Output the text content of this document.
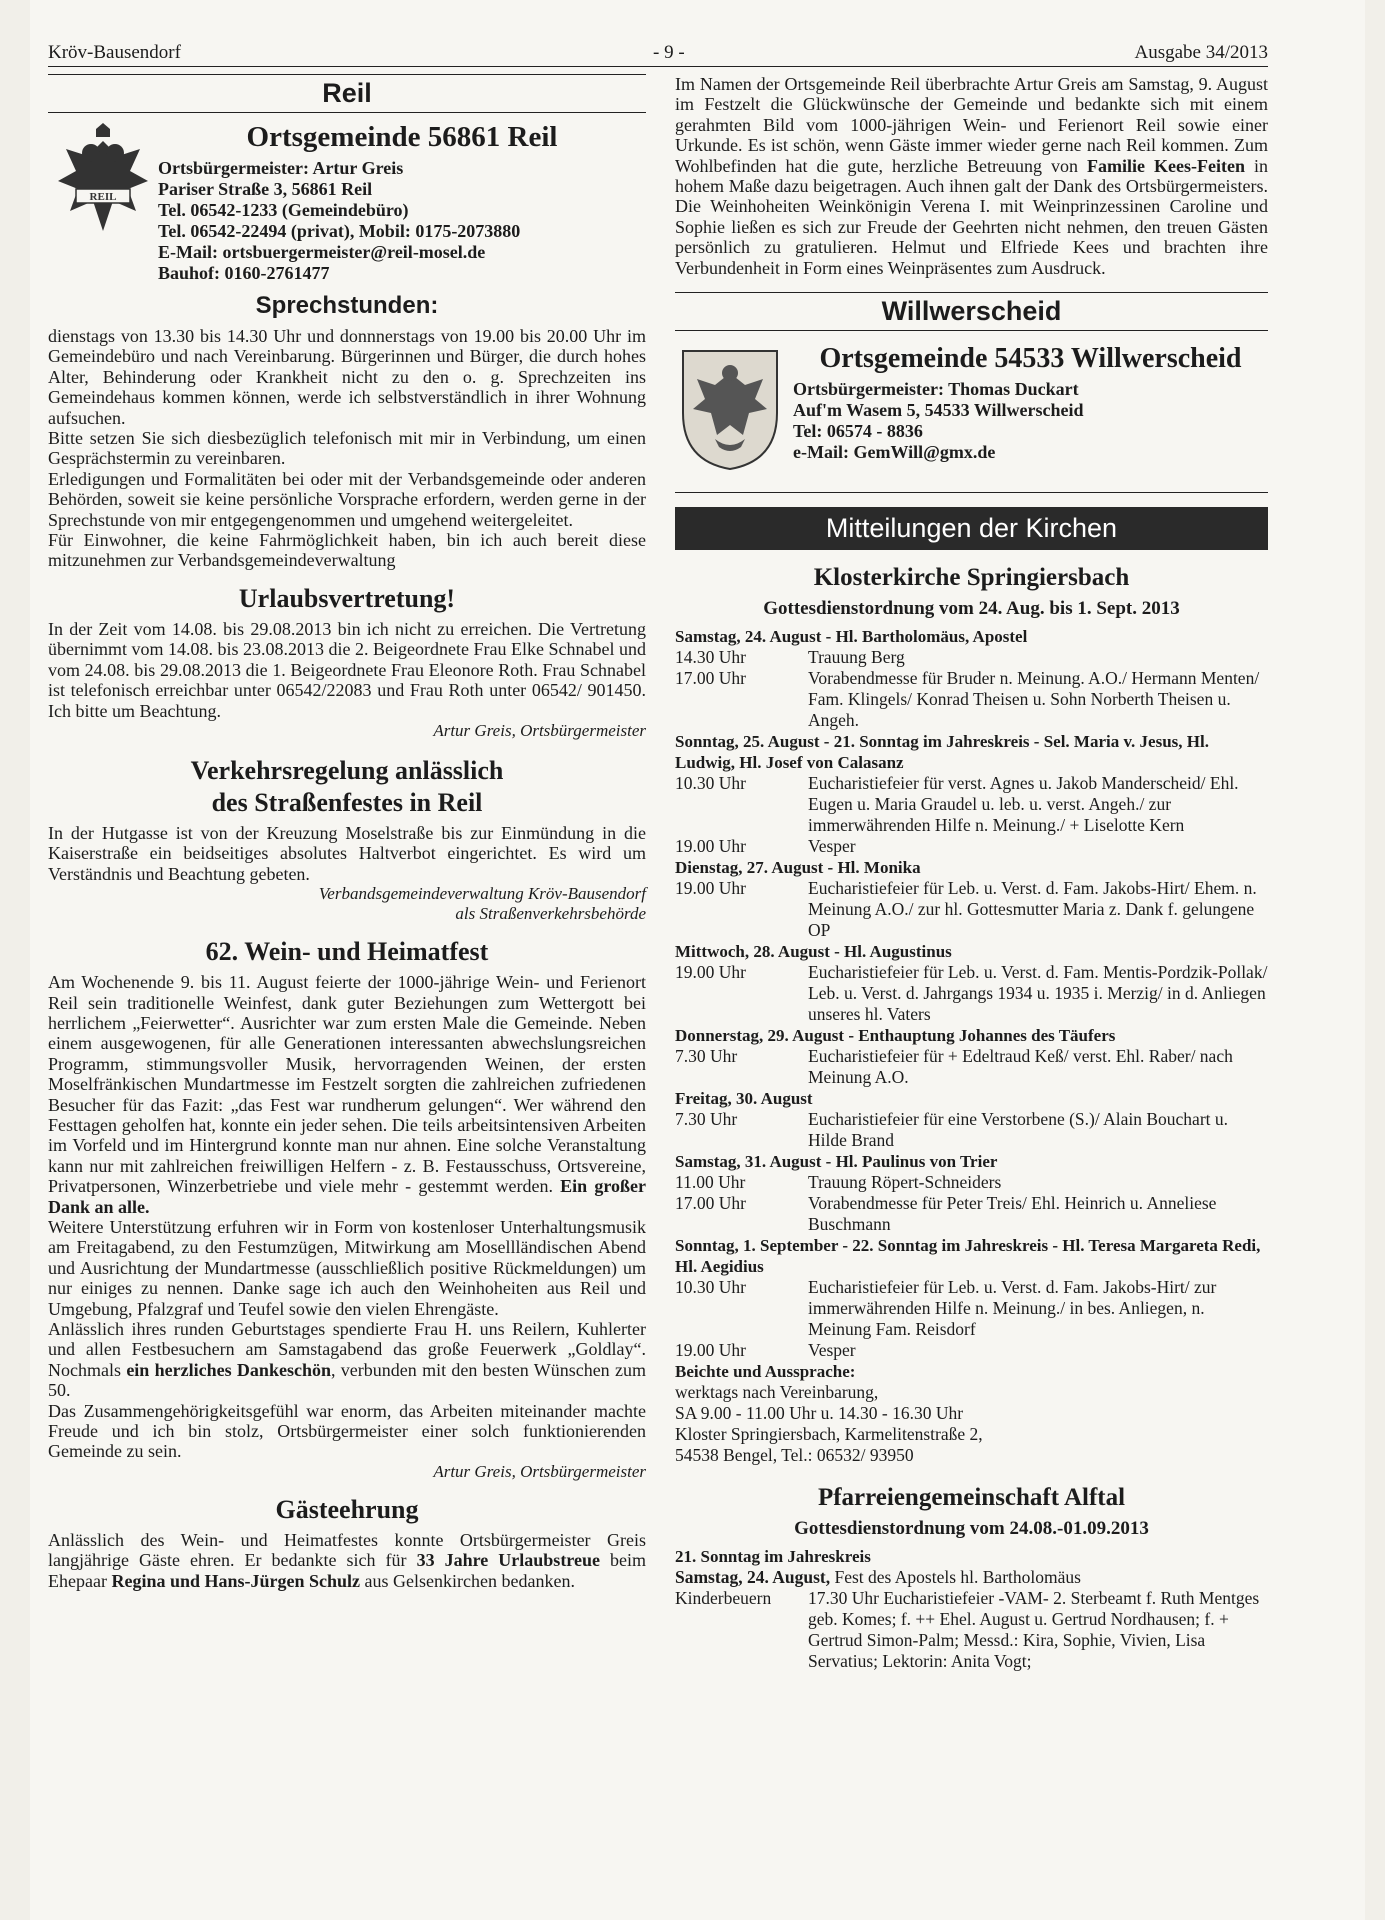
Kröv-Bausendorf	- 9 -	Ausgabe 34/2013
Reil
REIL
Ortsgemeinde 56861 Reil
Ortsbürgermeister: Artur Greis
Pariser Straße 3, 56861 Reil
Tel. 06542-1233 (Gemeindebüro)
Tel. 06542-22494 (privat), Mobil: 0175-2073880
E-Mail: ortsbuergermeister@reil-mosel.de
Bauhof: 0160-2761477
Sprechstunden:

dienstags von 13.30 bis 14.30 Uhr und donnnerstags von 19.00 bis 20.00 Uhr im Gemeindebüro und nach Vereinbarung. Bürgerinnen und Bürger, die durch hohes Alter, Behinderung oder Krankheit nicht zu den o. g. Sprechzeiten ins Gemeindehaus kommen können, werde ich selbstverständlich in ihrer Wohnung aufsuchen.

Bitte setzen Sie sich diesbezüglich telefonisch mit mir in Verbindung, um einen Gesprächstermin zu vereinbaren.

Erledigungen und Formalitäten bei oder mit der Verbandsgemeinde oder anderen Behörden, soweit sie keine persönliche Vorsprache erfordern, werden gerne in der Sprechstunde von mir entgegengenommen und umgehend weitergeleitet.

Für Einwohner, die keine Fahrmöglichkeit haben, bin ich auch bereit diese mitzunehmen zur Verbandsgemeindeverwaltung

Urlaubsvertretung!

In der Zeit vom 14.08. bis 29.08.2013 bin ich nicht zu erreichen. Die Vertretung übernimmt vom 14.08. bis 23.08.2013 die 2. Beigeordnete Frau Elke Schnabel und vom 24.08. bis 29.08.2013 die 1. Beigeordnete Frau Eleonore Roth. Frau Schnabel ist telefonisch erreichbar unter 06542/22083 und Frau Roth unter 06542/ 901450. Ich bitte um Beachtung.

Artur Greis, Ortsbürgermeister
Verkehrsregelung anlässlich
des Straßenfestes in Reil

In der Hutgasse ist von der Kreuzung Moselstraße bis zur Einmündung in die Kaiserstraße ein beidseitiges absolutes Haltverbot eingerichtet. Es wird um Verständnis und Beachtung gebeten.

Verbandsgemeindeverwaltung Kröv-Bausendorf
als Straßenverkehrsbehörde
62. Wein- und Heimatfest

Am Wochenende 9. bis 11. August feierte der 1000-jährige Wein- und Ferienort Reil sein traditionelle Weinfest, dank guter Beziehungen zum Wettergott bei herrlichem „Feierwetter“. Ausrichter war zum ersten Male die Gemeinde. Neben einem ausgewogenen, für alle Generationen interessanten abwechslungsreichen Programm, stimmungsvoller Musik, hervorragenden Weinen, der ersten Moselfränkischen Mundartmesse im Festzelt sorgten die zahlreichen zufriedenen Besucher für das Fazit: „das Fest war rundherum gelungen“. Wer während den Festtagen geholfen hat, konnte ein jeder sehen. Die teils arbeitsintensiven Arbeiten im Vorfeld und im Hintergrund konnte man nur ahnen. Eine solche Veranstaltung kann nur mit zahlreichen freiwilligen Helfern - z. B. Festausschuss, Ortsvereine, Privatpersonen, Winzerbetriebe und viele mehr - gestemmt werden. Ein großer Dank an alle.

Weitere Unterstützung erfuhren wir in Form von kostenloser Unterhaltungsmusik am Freitagabend, zu den Festumzügen, Mitwirkung am Mosellländischen Abend und Ausrichtung der Mundartmesse (ausschließlich positive Rückmeldungen) um nur einiges zu nennen. Danke sage ich auch den Weinhoheiten aus Reil und Umgebung, Pfalzgraf und Teufel sowie den vielen Ehrengäste.

Anlässlich ihres runden Geburtstages spendierte Frau H. uns Reilern, Kuhlerter und allen Festbesuchern am Samstagabend das große Feuerwerk „Goldlay“. Nochmals ein herzliches Dankeschön, verbunden mit den besten Wünschen zum 50.

Das Zusammengehörigkeitsgefühl war enorm, das Arbeiten miteinander machte Freude und ich bin stolz, Ortsbürgermeister einer solch funktionierenden Gemeinde zu sein.

Artur Greis, Ortsbürgermeister
Gästeehrung

Anlässlich des Wein- und Heimatfestes konnte Ortsbürgermeister Greis langjährige Gäste ehren. Er bedankte sich für 33 Jahre Urlaubstreue beim Ehepaar Regina und Hans-Jürgen Schulz aus Gelsenkirchen bedanken.

Im Namen der Ortsgemeinde Reil überbrachte Artur Greis am Samstag, 9. August im Festzelt die Glückwünsche der Gemeinde und bedankte sich mit einem gerahmten Bild vom 1000-jährigen Wein- und Ferienort Reil sowie einer Urkunde. Es ist schön, wenn Gäste immer wieder gerne nach Reil kommen. Zum Wohlbefinden hat die gute, herzliche Betreuung von Familie Kees-Feiten in hohem Maße dazu beigetragen. Auch ihnen galt der Dank des Ortsbürgermeisters. Die Weinhoheiten Weinkönigin Verena I. mit Weinprinzessinen Caroline und Sophie ließen es sich zur Freude der Geehrten nicht nehmen, den treuen Gästen persönlich zu gratulieren. Helmut und Elfriede Kees und brachten ihre Verbundenheit in Form eines Weinpräsentes zum Ausdruck.

Willwerscheid
Ortsgemeinde 54533 Willwerscheid
Ortsbürgermeister: Thomas Duckart
Auf'm Wasem 5, 54533 Willwerscheid
Tel: 06574 - 8836
e-Mail: GemWill@gmx.de
Mitteilungen der Kirchen
Klosterkirche Springiersbach
Gottesdienstordnung vom 24. Aug. bis 1. Sept. 2013
Samstag, 24. August - Hl. Bartholomäus, Apostel
14.30 Uhr	Trauung Berg
17.00 Uhr	Vorabendmesse für Bruder n. Meinung. A.O./ Hermann Menten/ Fam. Klingels/ Konrad Theisen u. Sohn Norberth Theisen u. Angeh.
Sonntag, 25. August - 21. Sonntag im Jahreskreis - Sel. Maria v. Jesus, Hl. Ludwig, Hl. Josef von Calasanz
10.30 Uhr	Eucharistiefeier für verst. Agnes u. Jakob Manderscheid/ Ehl. Eugen u. Maria Graudel u. leb. u. verst. Angeh./ zur immerwährenden Hilfe n. Meinung./ + Liselotte Kern
19.00 Uhr	Vesper
Dienstag, 27. August - Hl. Monika
19.00 Uhr	Eucharistiefeier für Leb. u. Verst. d. Fam. Jakobs-Hirt/ Ehem. n. Meinung A.O./ zur hl. Gottesmutter Maria z. Dank f. gelungene OP
Mittwoch, 28. August - Hl. Augustinus
19.00 Uhr	Eucharistiefeier für Leb. u. Verst. d. Fam. Mentis-Pordzik-Pollak/ Leb. u. Verst. d. Jahrgangs 1934 u. 1935 i. Merzig/ in d. Anliegen unseres hl. Vaters
Donnerstag, 29. August - Enthauptung Johannes des Täufers
7.30 Uhr	Eucharistiefeier für + Edeltraud Keß/ verst. Ehl. Raber/ nach Meinung A.O.
Freitag, 30. August
7.30 Uhr	Eucharistiefeier für eine Verstorbene (S.)/ Alain Bouchart u. Hilde Brand
Samstag, 31. August - Hl. Paulinus von Trier
11.00 Uhr	Trauung Röpert-Schneiders
17.00 Uhr	Vorabendmesse für Peter Treis/ Ehl. Heinrich u. Anneliese Buschmann
Sonntag, 1. September - 22. Sonntag im Jahreskreis - Hl. Teresa Margareta Redi, Hl. Aegidius
10.30 Uhr	Eucharistiefeier für Leb. u. Verst. d. Fam. Jakobs-Hirt/ zur immerwährenden Hilfe n. Meinung./ in bes. Anliegen, n. Meinung Fam. Reisdorf
19.00 Uhr	Vesper
Beichte und Aussprache:
werktags nach Vereinbarung,
SA 9.00 - 11.00 Uhr u. 14.30 - 16.30 Uhr
Kloster Springiersbach, Karmelitenstraße 2,
54538 Bengel, Tel.: 06532/ 93950
Pfarreiengemeinschaft Alftal
Gottesdienstordnung vom 24.08.-01.09.2013
21. Sonntag im Jahreskreis
Samstag, 24. August, Fest des Apostels hl. Bartholomäus
Kinderbeuern	17.30 Uhr Eucharistiefeier -VAM- 2. Sterbeamt f. Ruth Mentges geb. Komes; f. ++ Ehel. August u. Gertrud Nordhausen; f. + Gertrud Simon-Palm; Messd.: Kira, Sophie, Vivien, Lisa Servatius; Lektorin: Anita Vogt;
